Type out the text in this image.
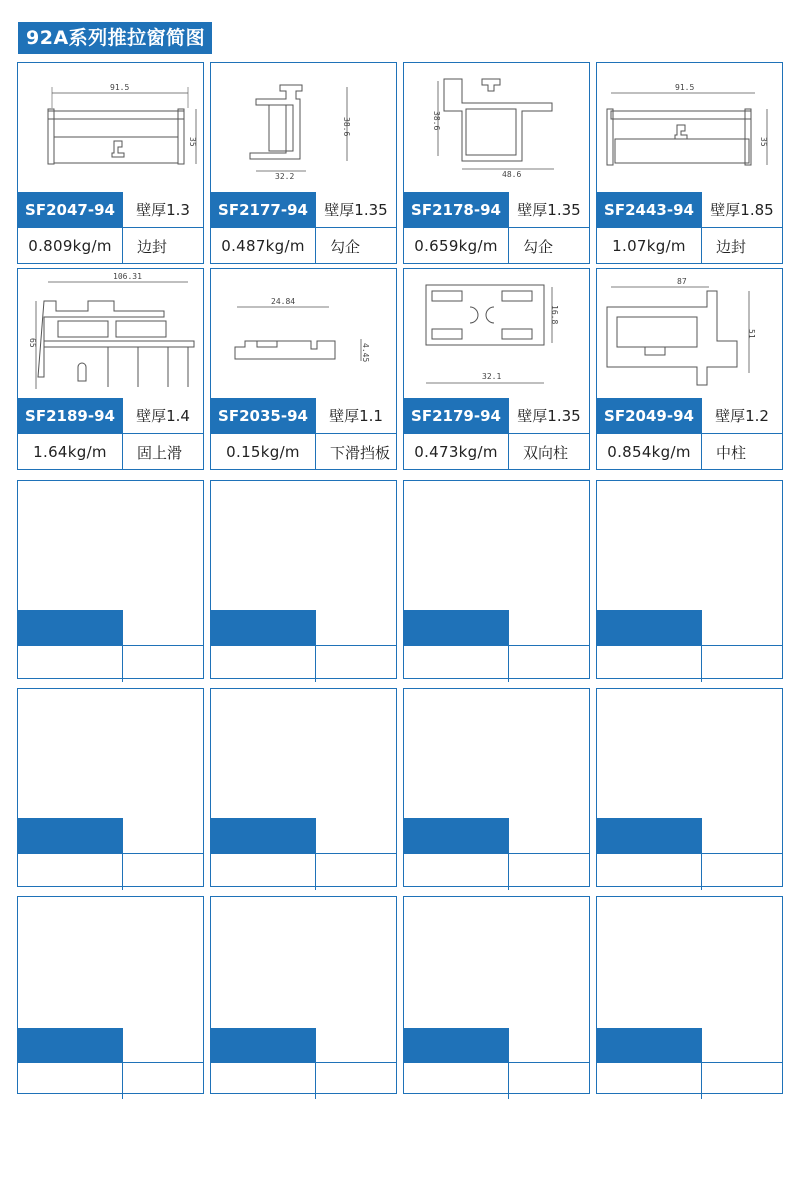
92A系列推拉窗简图
91.5
35
SF2047-94	壁厚1.3
0.809kg/m	边封
32.2
38.6
SF2177-94	壁厚1.35
0.487kg/m	勾企
38.6
48.6
SF2178-94	壁厚1.35
0.659kg/m	勾企
91.5
35
SF2443-94	壁厚1.85
1.07kg/m	边封
106.31
65
SF2189-94	壁厚1.4
1.64kg/m	固上滑
24.84
4.45
SF2035-94	壁厚1.1
0.15kg/m	下滑挡板
16.8
32.1
SF2179-94	壁厚1.35
0.473kg/m	双向柱
87
51
SF2049-94	壁厚1.2
0.854kg/m	中柱
